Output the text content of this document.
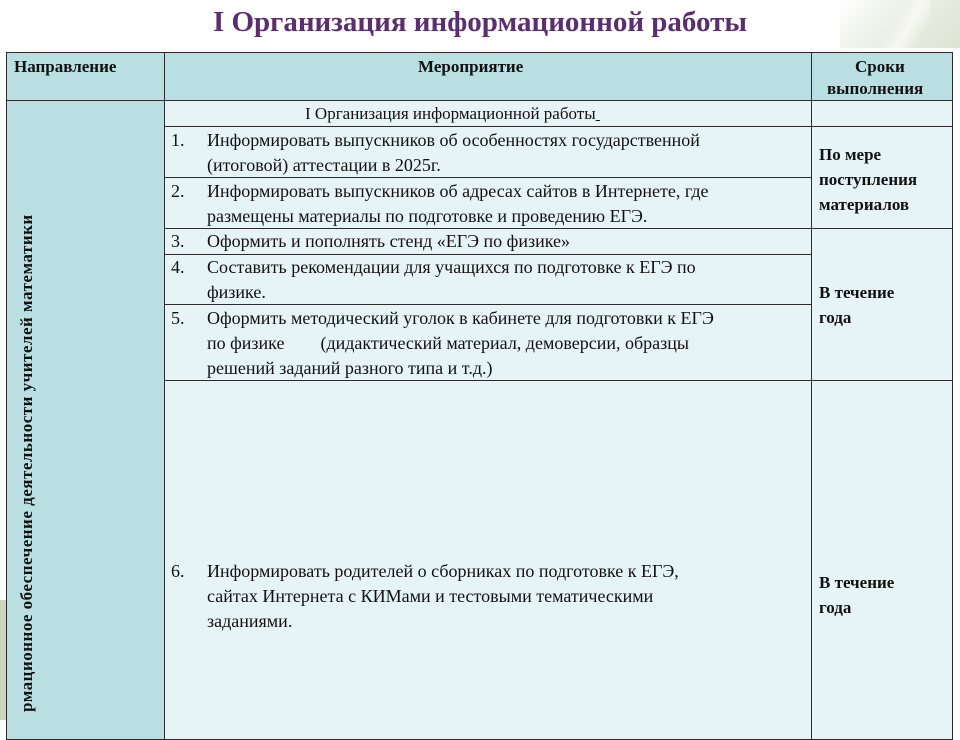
I Организация информационной работы
Направление	Мероприятие	Сроки
выполнения
рмационное обеспечение деятельности учителей математики
I Организация информационной работы
1. Информировать выпускников об особенностях государственной
(итоговой) аттестации в 2025г.
2. Информировать выпускников об адресах сайтов в Интернете, где
размещены материалы по подготовке и проведению ЕГЭ.
3. Оформить и пополнять стенд «ЕГЭ по физике»
4. Составить рекомендации для учащихся по подготовке к ЕГЭ по
физике.
5. Оформить методический уголок в кабинете для подготовки к ЕГЭ
по физике        (дидактический материал, демоверсии, образцы
решений заданий разного типа и т.д.)
6. Информировать родителей о сборниках по подготовке к ЕГЭ,
сайтах Интернета с КИМами и тестовыми тематическими
заданиями.
По мере
поступления
материалов
В течение
года
В течение
года
